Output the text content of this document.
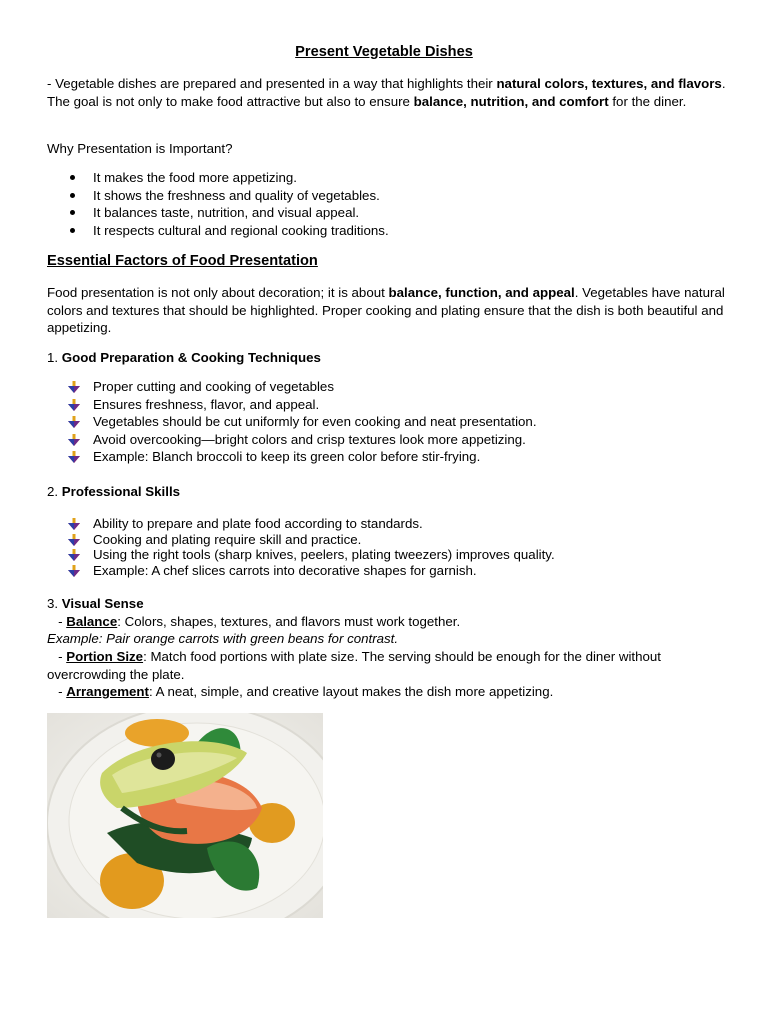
Present Vegetable Dishes

- Vegetable dishes are prepared and presented in a way that highlights their natural colors, textures, and flavors. The goal is not only to make food attractive but also to ensure balance, nutrition, and comfort for the diner.

Why Presentation is Important?

It makes the food more appetizing.
It shows the freshness and quality of vegetables.
It balances taste, nutrition, and visual appeal.
It respects cultural and regional cooking traditions.
Essential Factors of Food Presentation

Food presentation is not only about decoration; it is about balance, function, and appeal. Vegetables have natural colors and textures that should be highlighted. Proper cooking and plating ensure that the dish is both beautiful and appetizing.

1. Good Preparation & Cooking Techniques

Proper cutting and cooking of vegetables
Ensures freshness, flavor, and appeal.
Vegetables should be cut uniformly for even cooking and neat presentation.
Avoid overcooking—bright colors and crisp textures look more appetizing.
Example: Blanch broccoli to keep its green color before stir-frying.

2. Professional Skills

Ability to prepare and plate food according to standards.
Cooking and plating require skill and practice.
Using the right tools (sharp knives, peelers, plating tweezers) improves quality.
Example: A chef slices carrots into decorative shapes for garnish.

3. Visual Sense

- Balance: Colors, shapes, textures, and flavors must work together.

Example: Pair orange carrots with green beans for contrast.

- Portion Size: Match food portions with plate size. The serving should be enough for the diner without overcrowding the plate.

- Arrangement: A neat, simple, and creative layout makes the dish more appetizing.
